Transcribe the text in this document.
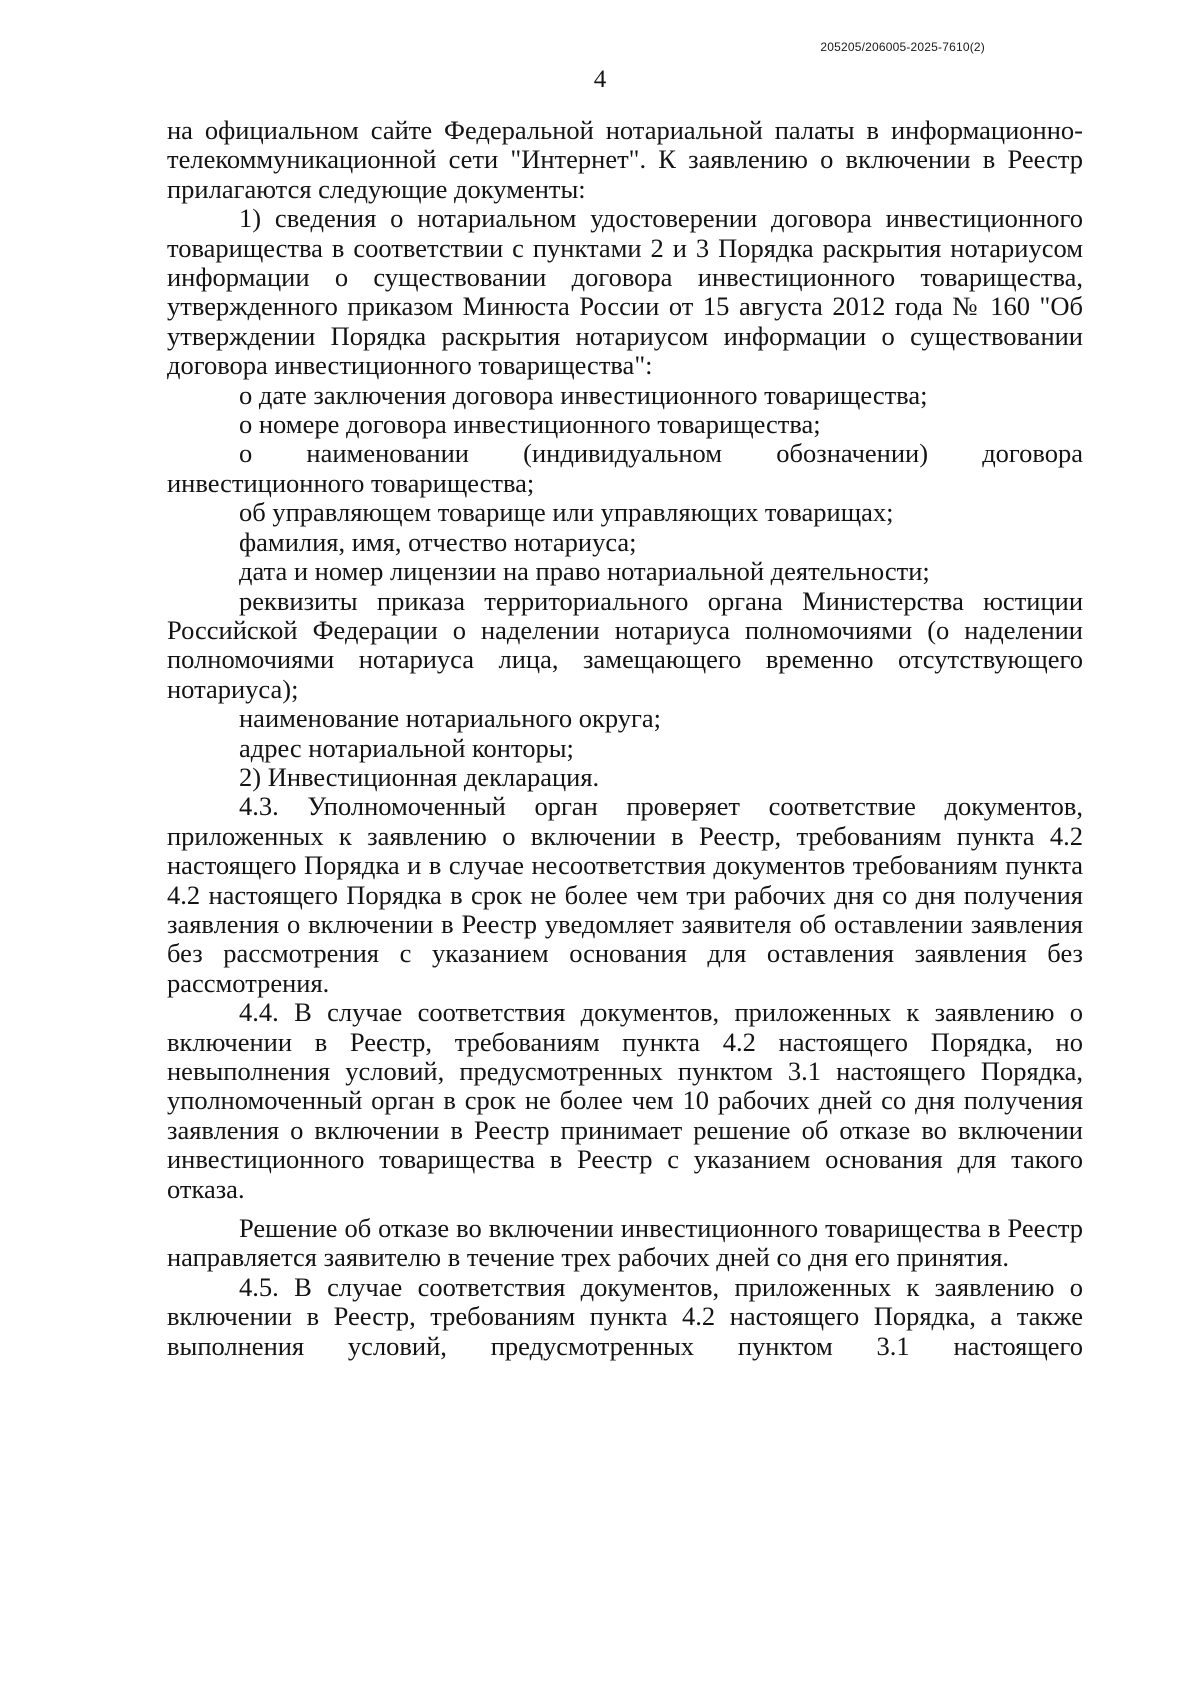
205205/206005-2025-7610(2)
4

на официальном сайте Федеральной нотариальной палаты в информационно-телекоммуникационной сети "Интернет". К заявлению о включении в Реестр прилагаются следующие документы:

1) сведения о нотариальном удостоверении договора инвестиционного товарищества в соответствии с пунктами 2 и 3 Порядка раскрытия нотариусом информации о существовании договора инвестиционного товарищества, утвержденного приказом Минюста России от 15 августа 2012 года № 160 "Об утверждении Порядка раскрытия нотариусом информации о существовании договора инвестиционного товарищества":

о дате заключения договора инвестиционного товарищества;

о номере договора инвестиционного товарищества;

о наименовании (индивидуальном обозначении) договора инвестиционного товарищества;

об управляющем товарище или управляющих товарищах;

фамилия, имя, отчество нотариуса;

дата и номер лицензии на право нотариальной деятельности;

реквизиты приказа территориального органа Министерства юстиции Российской Федерации о наделении нотариуса полномочиями (о наделении полномочиями нотариуса лица, замещающего временно отсутствующего нотариуса);

наименование нотариального округа;

адрес нотариальной конторы;

2) Инвестиционная декларация.

4.3. Уполномоченный орган проверяет соответствие документов, приложенных к заявлению о включении в Реестр, требованиям пункта 4.2 настоящего Порядка и в случае несоответствия документов требованиям пункта 4.2 настоящего Порядка в срок не более чем три рабочих дня со дня получения заявления о включении в Реестр уведомляет заявителя об оставлении заявления без рассмотрения с указанием основания для оставления заявления без рассмотрения.

4.4. В случае соответствия документов, приложенных к заявлению о включении в Реестр, требованиям пункта 4.2 настоящего Порядка, но невыполнения условий, предусмотренных пунктом 3.1 настоящего Порядка, уполномоченный орган в срок не более чем 10 рабочих дней со дня получения заявления о включении в Реестр принимает решение об отказе во включении инвестиционного товарищества в Реестр с указанием основания для такого отказа.

Решение об отказе во включении инвестиционного товарищества в Реестр направляется заявителю в течение трех рабочих дней со дня его принятия.

4.5. В случае соответствия документов, приложенных к заявлению о включении в Реестр, требованиям пункта 4.2 настоящего Порядка, а также выполнения условий, предусмотренных пунктом 3.1 настоящего
